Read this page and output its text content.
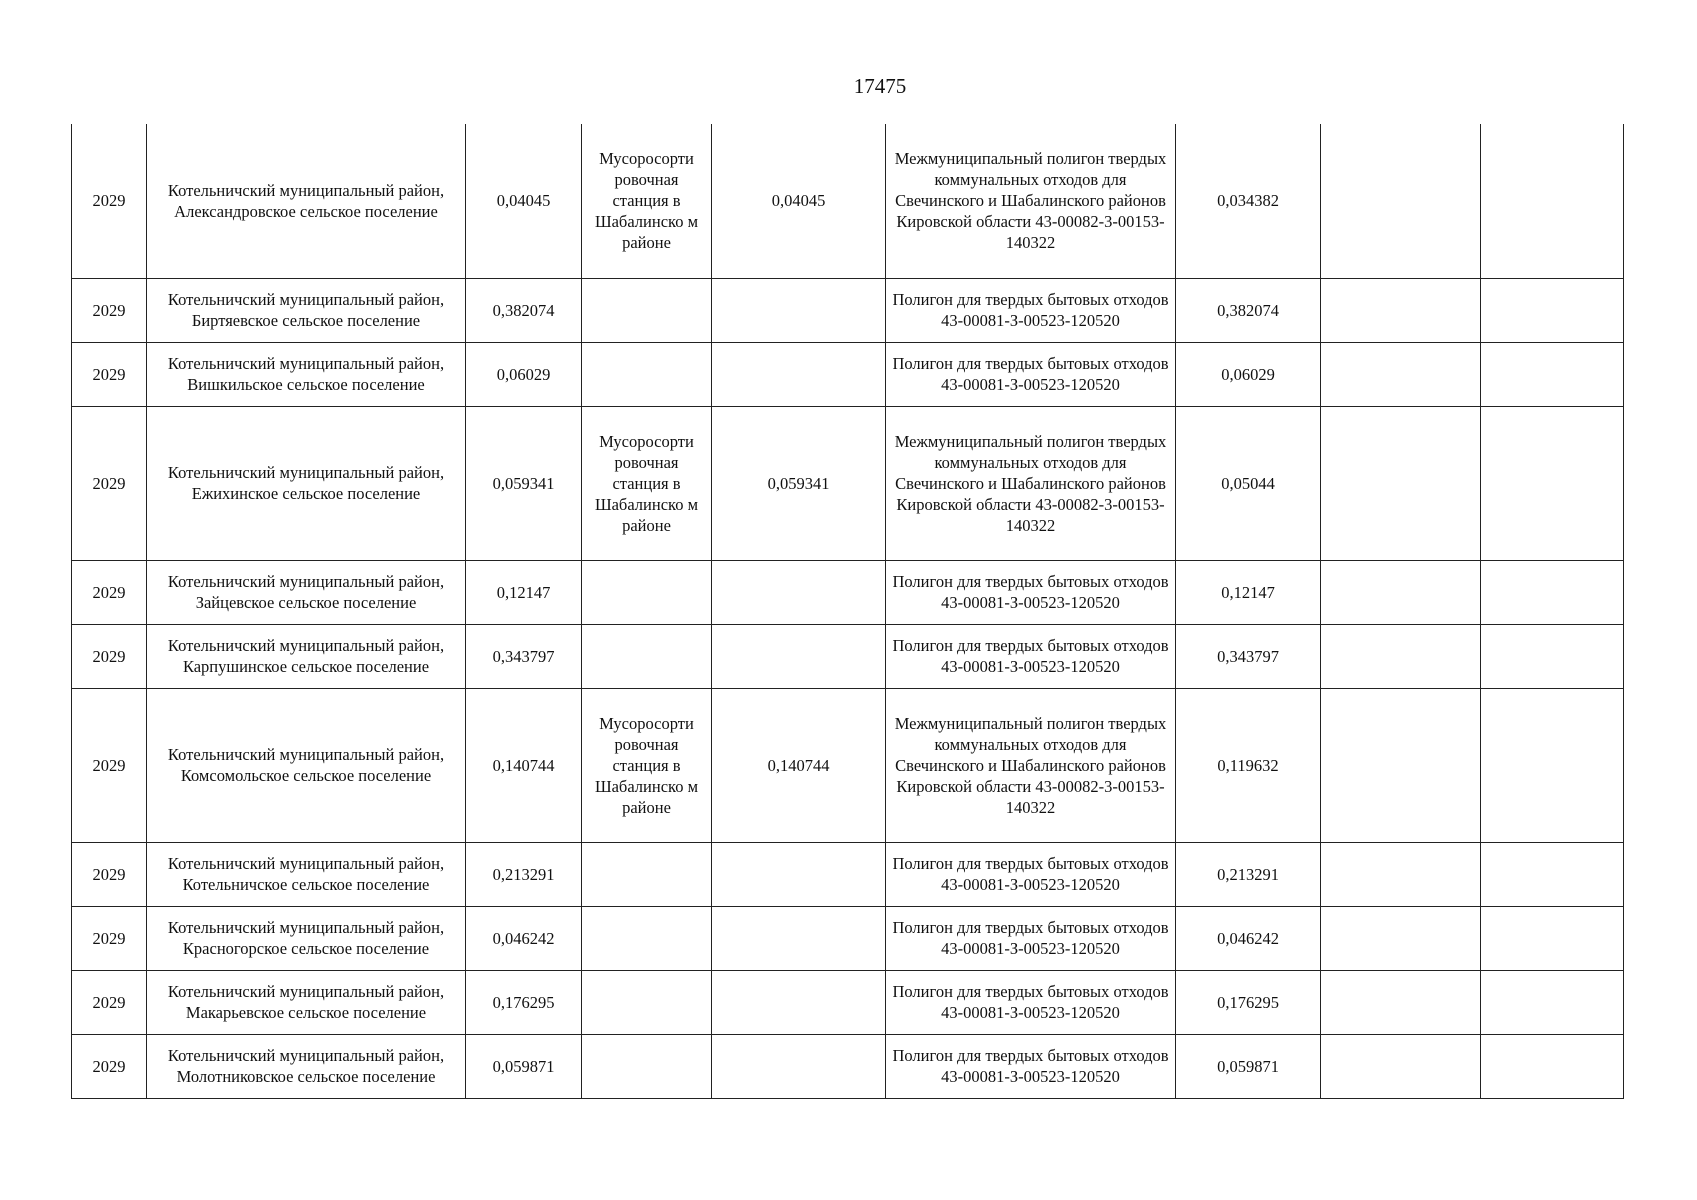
17475
2029	Котельничский муниципальный район, Александровское сельское поселение	0,04045	Мусоросорти ровочная станция в Шабалинско м районе	0,04045	Межмуниципальный полигон твердых коммунальных отходов для Свечинского и Шабалинского районов Кировской области 43-00082-3-00153-140322	0,034382		
2029	Котельничский муниципальный район, Биртяевское сельское поселение	0,382074			Полигон для твердых бытовых отходов 43-00081-З-00523-120520	0,382074		
2029	Котельничский муниципальный район, Вишкильское сельское поселение	0,06029			Полигон для твердых бытовых отходов 43-00081-З-00523-120520	0,06029		
2029	Котельничский муниципальный район, Ежихинское сельское поселение	0,059341	Мусоросорти ровочная станция в Шабалинско м районе	0,059341	Межмуниципальный полигон твердых коммунальных отходов для Свечинского и Шабалинского районов Кировской области 43-00082-3-00153-140322	0,05044		
2029	Котельничский муниципальный район, Зайцевское сельское поселение	0,12147			Полигон для твердых бытовых отходов 43-00081-З-00523-120520	0,12147		
2029	Котельничский муниципальный район, Карпушинское сельское поселение	0,343797			Полигон для твердых бытовых отходов 43-00081-З-00523-120520	0,343797		
2029	Котельничский муниципальный район, Комсомольское сельское поселение	0,140744	Мусоросорти ровочная станция в Шабалинско м районе	0,140744	Межмуниципальный полигон твердых коммунальных отходов для Свечинского и Шабалинского районов Кировской области 43-00082-3-00153-140322	0,119632		
2029	Котельничский муниципальный район, Котельничское сельское поселение	0,213291			Полигон для твердых бытовых отходов 43-00081-З-00523-120520	0,213291		
2029	Котельничский муниципальный район, Красногорское сельское поселение	0,046242			Полигон для твердых бытовых отходов 43-00081-З-00523-120520	0,046242		
2029	Котельничский муниципальный район, Макарьевское сельское поселение	0,176295			Полигон для твердых бытовых отходов 43-00081-З-00523-120520	0,176295		
2029	Котельничский муниципальный район, Молотниковское сельское поселение	0,059871			Полигон для твердых бытовых отходов 43-00081-З-00523-120520	0,059871		
